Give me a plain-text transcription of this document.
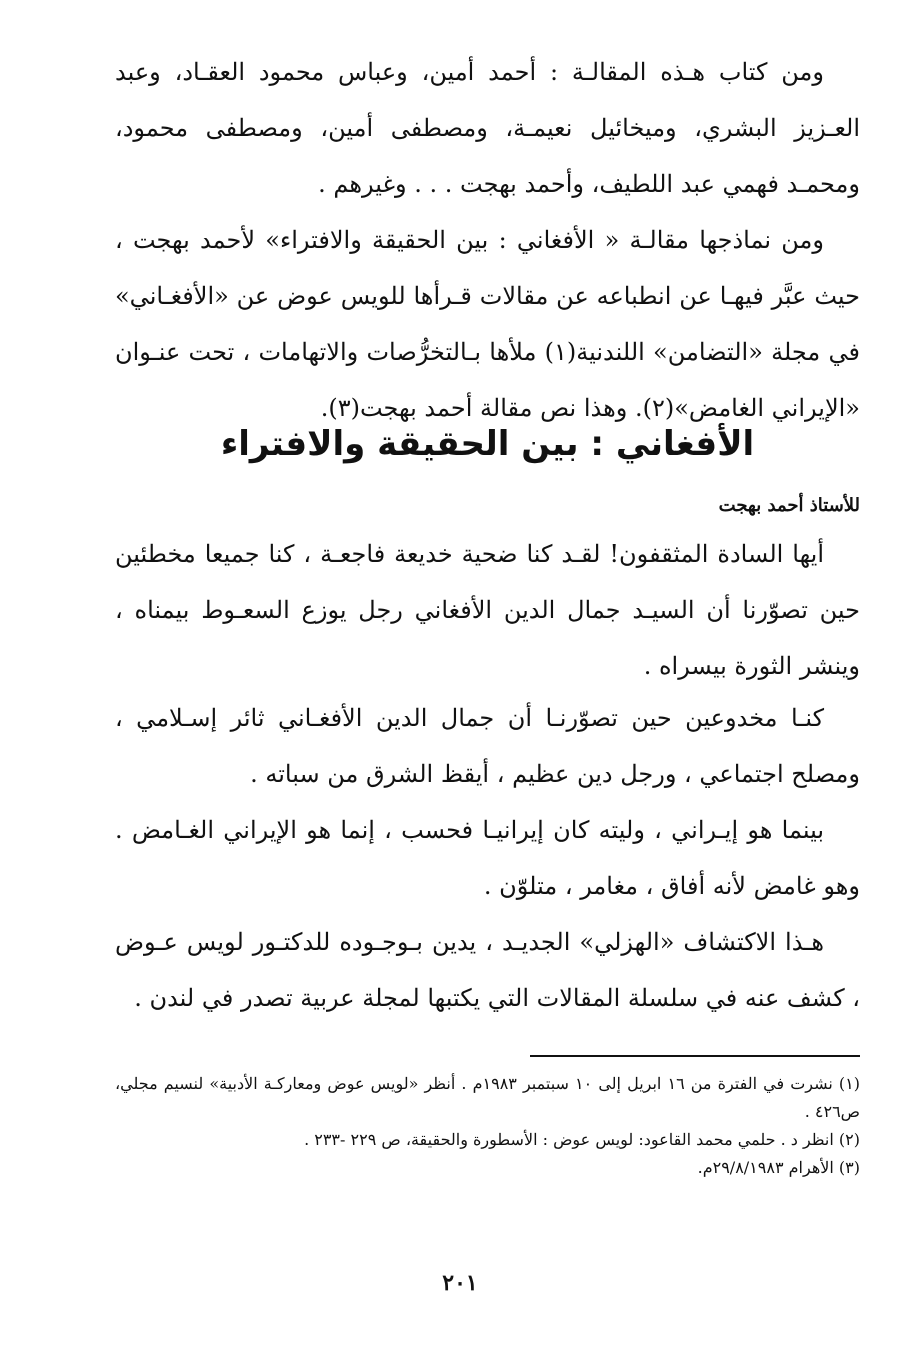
ومن كتاب هـذه المقالـة : أحمد أمين، وعباس محمود العقـاد، وعبد العـزيز البشري، وميخائيل نعيمـة، ومصطفى أمين، ومصطفى محمود، ومحمـد فهمي عبد اللطيف، وأحمد بهجت . . . وغيرهم .

ومن نماذجها مقالـة « الأفغاني : بين الحقيقة والافتراء» لأحمد بهجت ، حيث عبَّر فيهـا عن انطباعه عن مقالات قـرأها للويس عوض عن «الأفغـاني» في مجلة «التضامن» اللندنية(١) ملأها بـالتخرُّصات والاتهامات ، تحت عنـوان «الإيراني الغامض»(٢). وهذا نص مقالة أحمد بهجت(٣).

الأفغاني : بين الحقيقة والافتراء
للأستاذ أحمد بهجت

أيها السادة المثقفون! لقـد كنا ضحية خديعة فاجعـة ، كنا جميعا مخطئين حين تصوّرنا أن السيـد جمال الدين الأفغاني رجل يوزع السعـوط بيمناه ، وينشر الثورة بيسراه .

كنـا مخدوعين حين تصوّرنـا أن جمال الدين الأفغـاني ثائر إسـلامي ، ومصلح اجتماعي ، ورجل دين عظيم ، أيقظ الشرق من سباته .

بينما هو إيـراني ، وليته كان إيرانيـا فحسب ، إنما هو الإيراني الغـامض . وهو غامض لأنه أفاق ، مغامر ، متلوّن .

هـذا الاكتشاف «الهزلي» الجديـد ، يدين بـوجـوده للدكتـور لويس عـوض ، كشف عنه في سلسلة المقالات التي يكتبها لمجلة عربية تصدر في لندن .

(١) نشرت في الفترة من ١٦ ابريل إلى ١٠ سبتمبر ١٩٨٣م . أنظر «لويس عوض ومعاركـة الأدبية» لنسيم مجلي، ص٤٢٦ .

(٢) انظر د . حلمي محمد القاعود: لويس عوض : الأسطورة والحقيقة، ص ٢٢٩ -٢٣٣ .

(٣) الأهرام ٢٩/٨/١٩٨٣م.

٢٠١
